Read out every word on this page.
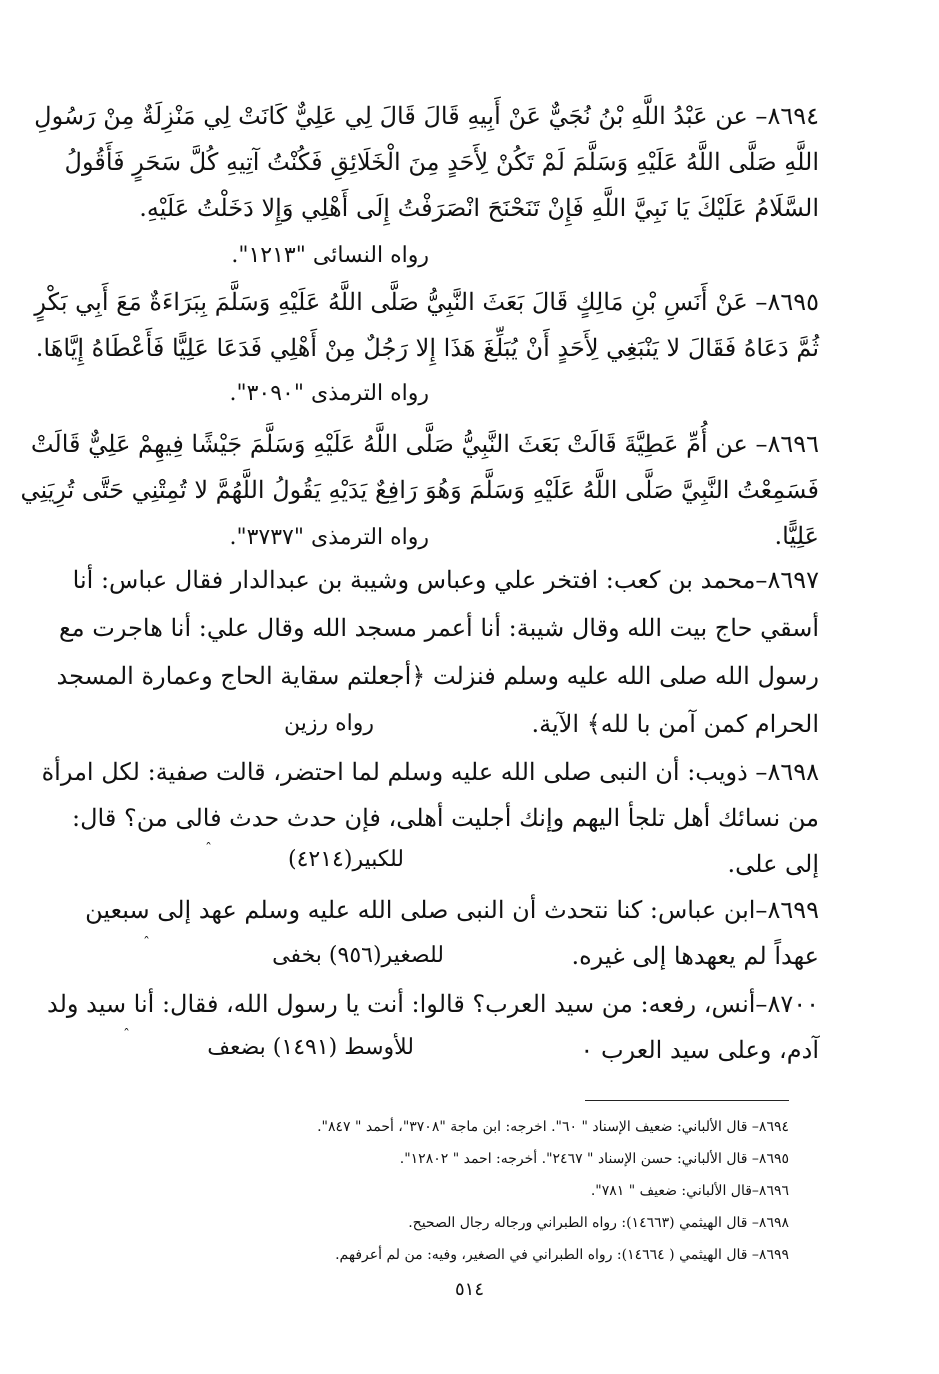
٨٦٩٤– عن عَبْدُ اللَّهِ بْنُ نُجَيٌّ عَنْ أَبِيهِ قَالَ قَالَ لِي عَلِيٌّ كَانَتْ لِي مَنْزِلَةٌ مِنْ رَسُولِ
اللَّهِ صَلَّى اللَّهُ عَلَيْهِ وَسَلَّمَ لَمْ تَكُنْ لِأَحَدٍ مِنَ الْخَلَائِقِ فَكُنْتُ آتِيهِ كُلَّ سَحَرٍ فَأَقُولُ
السَّلَامُ عَلَيْكَ يَا نَبِيَّ اللَّهِ فَإِنْ تَنَحْنَحَ انْصَرَفْتُ إِلَى أَهْلِي وَإِلا دَخَلْتُ عَلَيْهِ.
رواه النسائى "١٢١٣".
٨٦٩٥– عَنْ أَنَسِ بْنِ مَالِكٍ قَالَ بَعَثَ النَّبِيُّ صَلَّى اللَّهُ عَلَيْهِ وَسَلَّمَ بِبَرَاءَةٌ مَعَ أَبِي بَكْرٍ
ثُمَّ دَعَاهُ فَقَالَ لا يَنْبَغِي لِأَحَدٍ أَنْ يُبَلِّغَ هَذَا إِلا رَجُلٌ مِنْ أَهْلِي فَدَعَا عَلِيًّا فَأَعْطَاهُ إِيَّاهَا.
رواه الترمذى "٣٠٩٠".
٨٦٩٦– عن أُمِّ عَطِيَّةَ قَالَتْ بَعَثَ النَّبِيُّ صَلَّى اللَّهُ عَلَيْهِ وَسَلَّمَ جَيْشًا فِيهِمْ عَلِيٌّ قَالَتْ
فَسَمِعْتُ النَّبِيَّ صَلَّى اللَّهُ عَلَيْهِ وَسَلَّمَ وَهُوَ رَافِعٌ يَدَيْهِ يَقُولُ اللَّهُمَّ لا تُمِتْنِي حَتَّى تُرِيَنِي
عَلِيًّا.
رواه الترمذى "٣٧٣٧".
٨٦٩٧–محمد بن كعب: افتخر علي وعباس وشيبة بن عبدالدار فقال عباس: أنا
أسقي حاج بيت الله وقال شيبة: أنا أعمر مسجد الله وقال علي: أنا هاجرت مع
رسول الله صلى الله عليه وسلم فنزلت ﴿أجعلتم سقاية الحاج وعمارة المسجد
الحرام كمن آمن با لله﴾ الآية.
رواه رزين
٨٦٩٨– ذويب: أن النبى صلى الله عليه وسلم لما احتضر، قالت صفية: لكل امرأة
من نسائك أهل تلجأ اليهم وإنك أجليت أهلى، فإن حدث حدث فالى من؟ قال:
إلى على.
للكبير(٤٢١٤)
ˆ
٨٦٩٩–ابن عباس: كنا نتحدث أن النبى صلى الله عليه وسلم عهد إلى سبعين
عهداً لم يعهدها إلى غيره.
للصغير(٩٥٦) بخفى
ˆ
٨٧٠٠–أنس، رفعه: من سيد العرب؟ قالوا: أنت يا رسول الله، فقال: أنا سيد ولد
آدم، وعلى سيد العرب ٠
للأوسط (١٤٩١) بضعف
ˆ
٨٦٩٤– قال الألباني: ضعيف الإسناد " ٦٠". اخرجه: ابن ماجة "٣٧٠٨"، أحمد " ٨٤٧".
٨٦٩٥– قال الألباني: حسن الإسناد " ٢٤٦٧". أخرجه: احمد " ١٢٨٠٢".
٨٦٩٦–قال الألباني: ضعيف " ٧٨١".
٨٦٩٨– قال الهيثمي (١٤٦٦٣): رواه الطبراني ورجاله رجال الصحيح.
٨٦٩٩– قال الهيثمي ( ١٤٦٦٤): رواه الطبراني في الصغير، وفيه: من لم أعرفهم.
٥١٤
